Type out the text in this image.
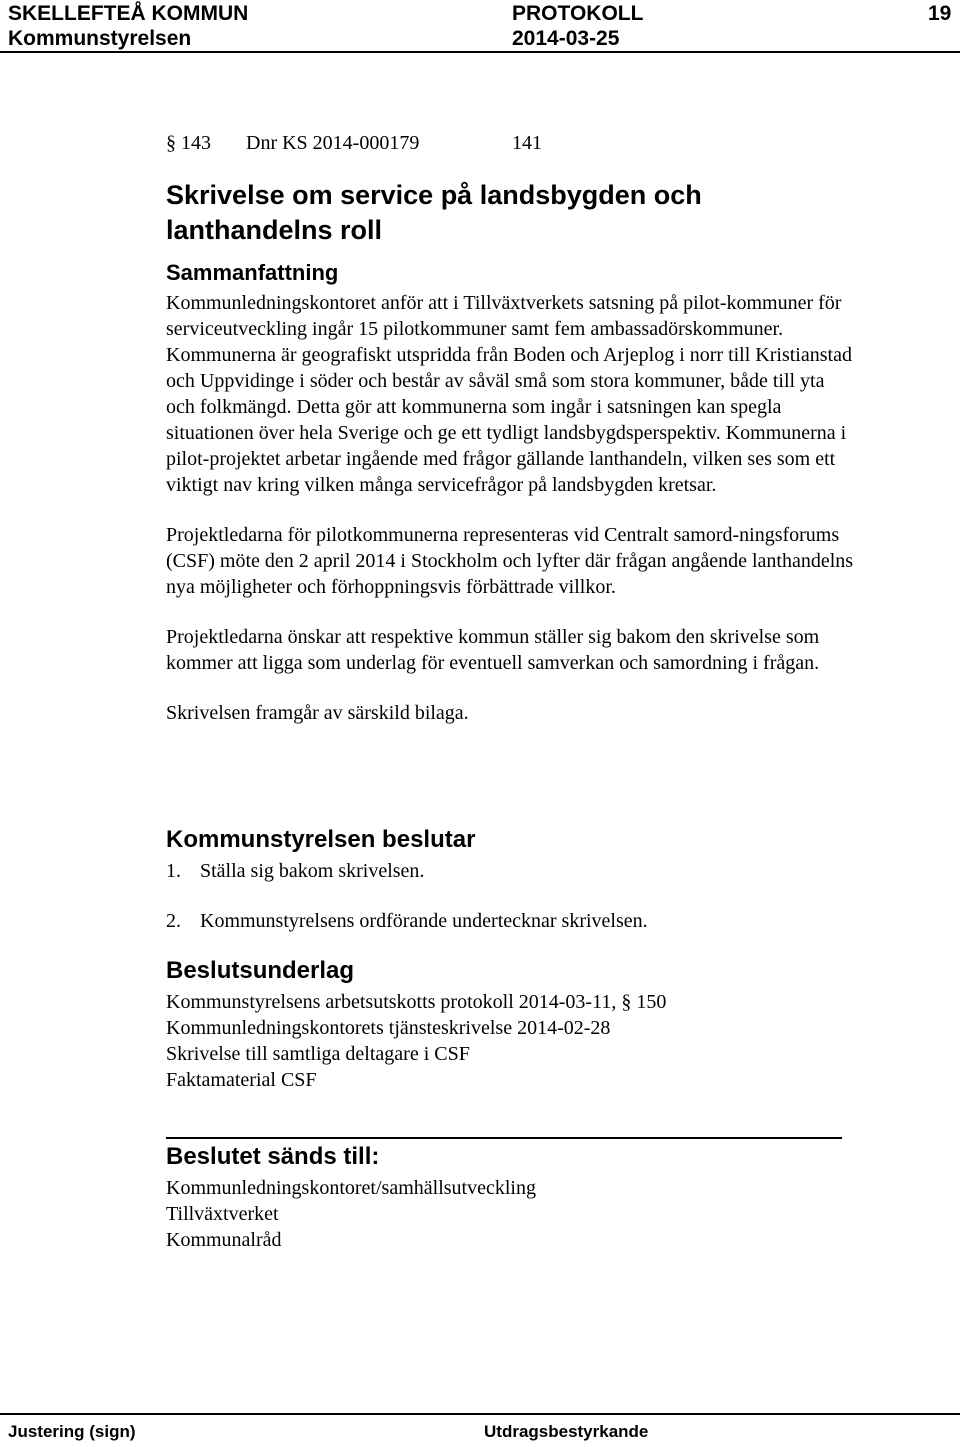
SKELLEFTEÅ KOMMUN
Kommunstyrelsen
PROTOKOLL
2014-03-25
19
§ 143 Dnr KS 2014-000179	141
Skrivelse om service på landsbygden och lanthandelns roll
Sammanfattning

Kommunledningskontoret anför att i Tillväxtverkets satsning på pilot-kommuner för serviceutveckling ingår 15 pilotkommuner samt fem ambassadörskommuner. Kommunerna är geografiskt utspridda från Boden och Arjeplog i norr till Kristianstad och Uppvidinge i söder och består av såväl små som stora kommuner, både till yta och folkmängd. Detta gör att kommunerna som ingår i satsningen kan spegla situationen över hela Sverige och ge ett tydligt landsbygdsperspektiv. Kommunerna i pilot-projektet arbetar ingående med frågor gällande lanthandeln, vilken ses som ett viktigt nav kring vilken många servicefrågor på landsbygden kretsar.

Projektledarna för pilotkommunerna representeras vid Centralt samord-ningsforums (CSF) möte den 2 april 2014 i Stockholm och lyfter där frågan angående lanthandelns nya möjligheter och förhoppningsvis förbättrade villkor.

Projektledarna önskar att respektive kommun ställer sig bakom den skrivelse som kommer att ligga som underlag för eventuell samverkan och samordning i frågan.

Skrivelsen framgår av särskild bilaga.

Kommunstyrelsen beslutar
1. Ställa sig bakom skrivelsen.
2. Kommunstyrelsens ordförande undertecknar skrivelsen.
Beslutsunderlag

Kommunstyrelsens arbetsutskotts protokoll 2014-03-11, § 150

Kommunledningskontorets tjänsteskrivelse 2014-02-28

Skrivelse till samtliga deltagare i CSF

Faktamaterial CSF

Beslutet sänds till:

Kommunledningskontoret/samhällsutveckling

Tillväxtverket

Kommunalråd

Justering (sign)	Utdragsbestyrkande
